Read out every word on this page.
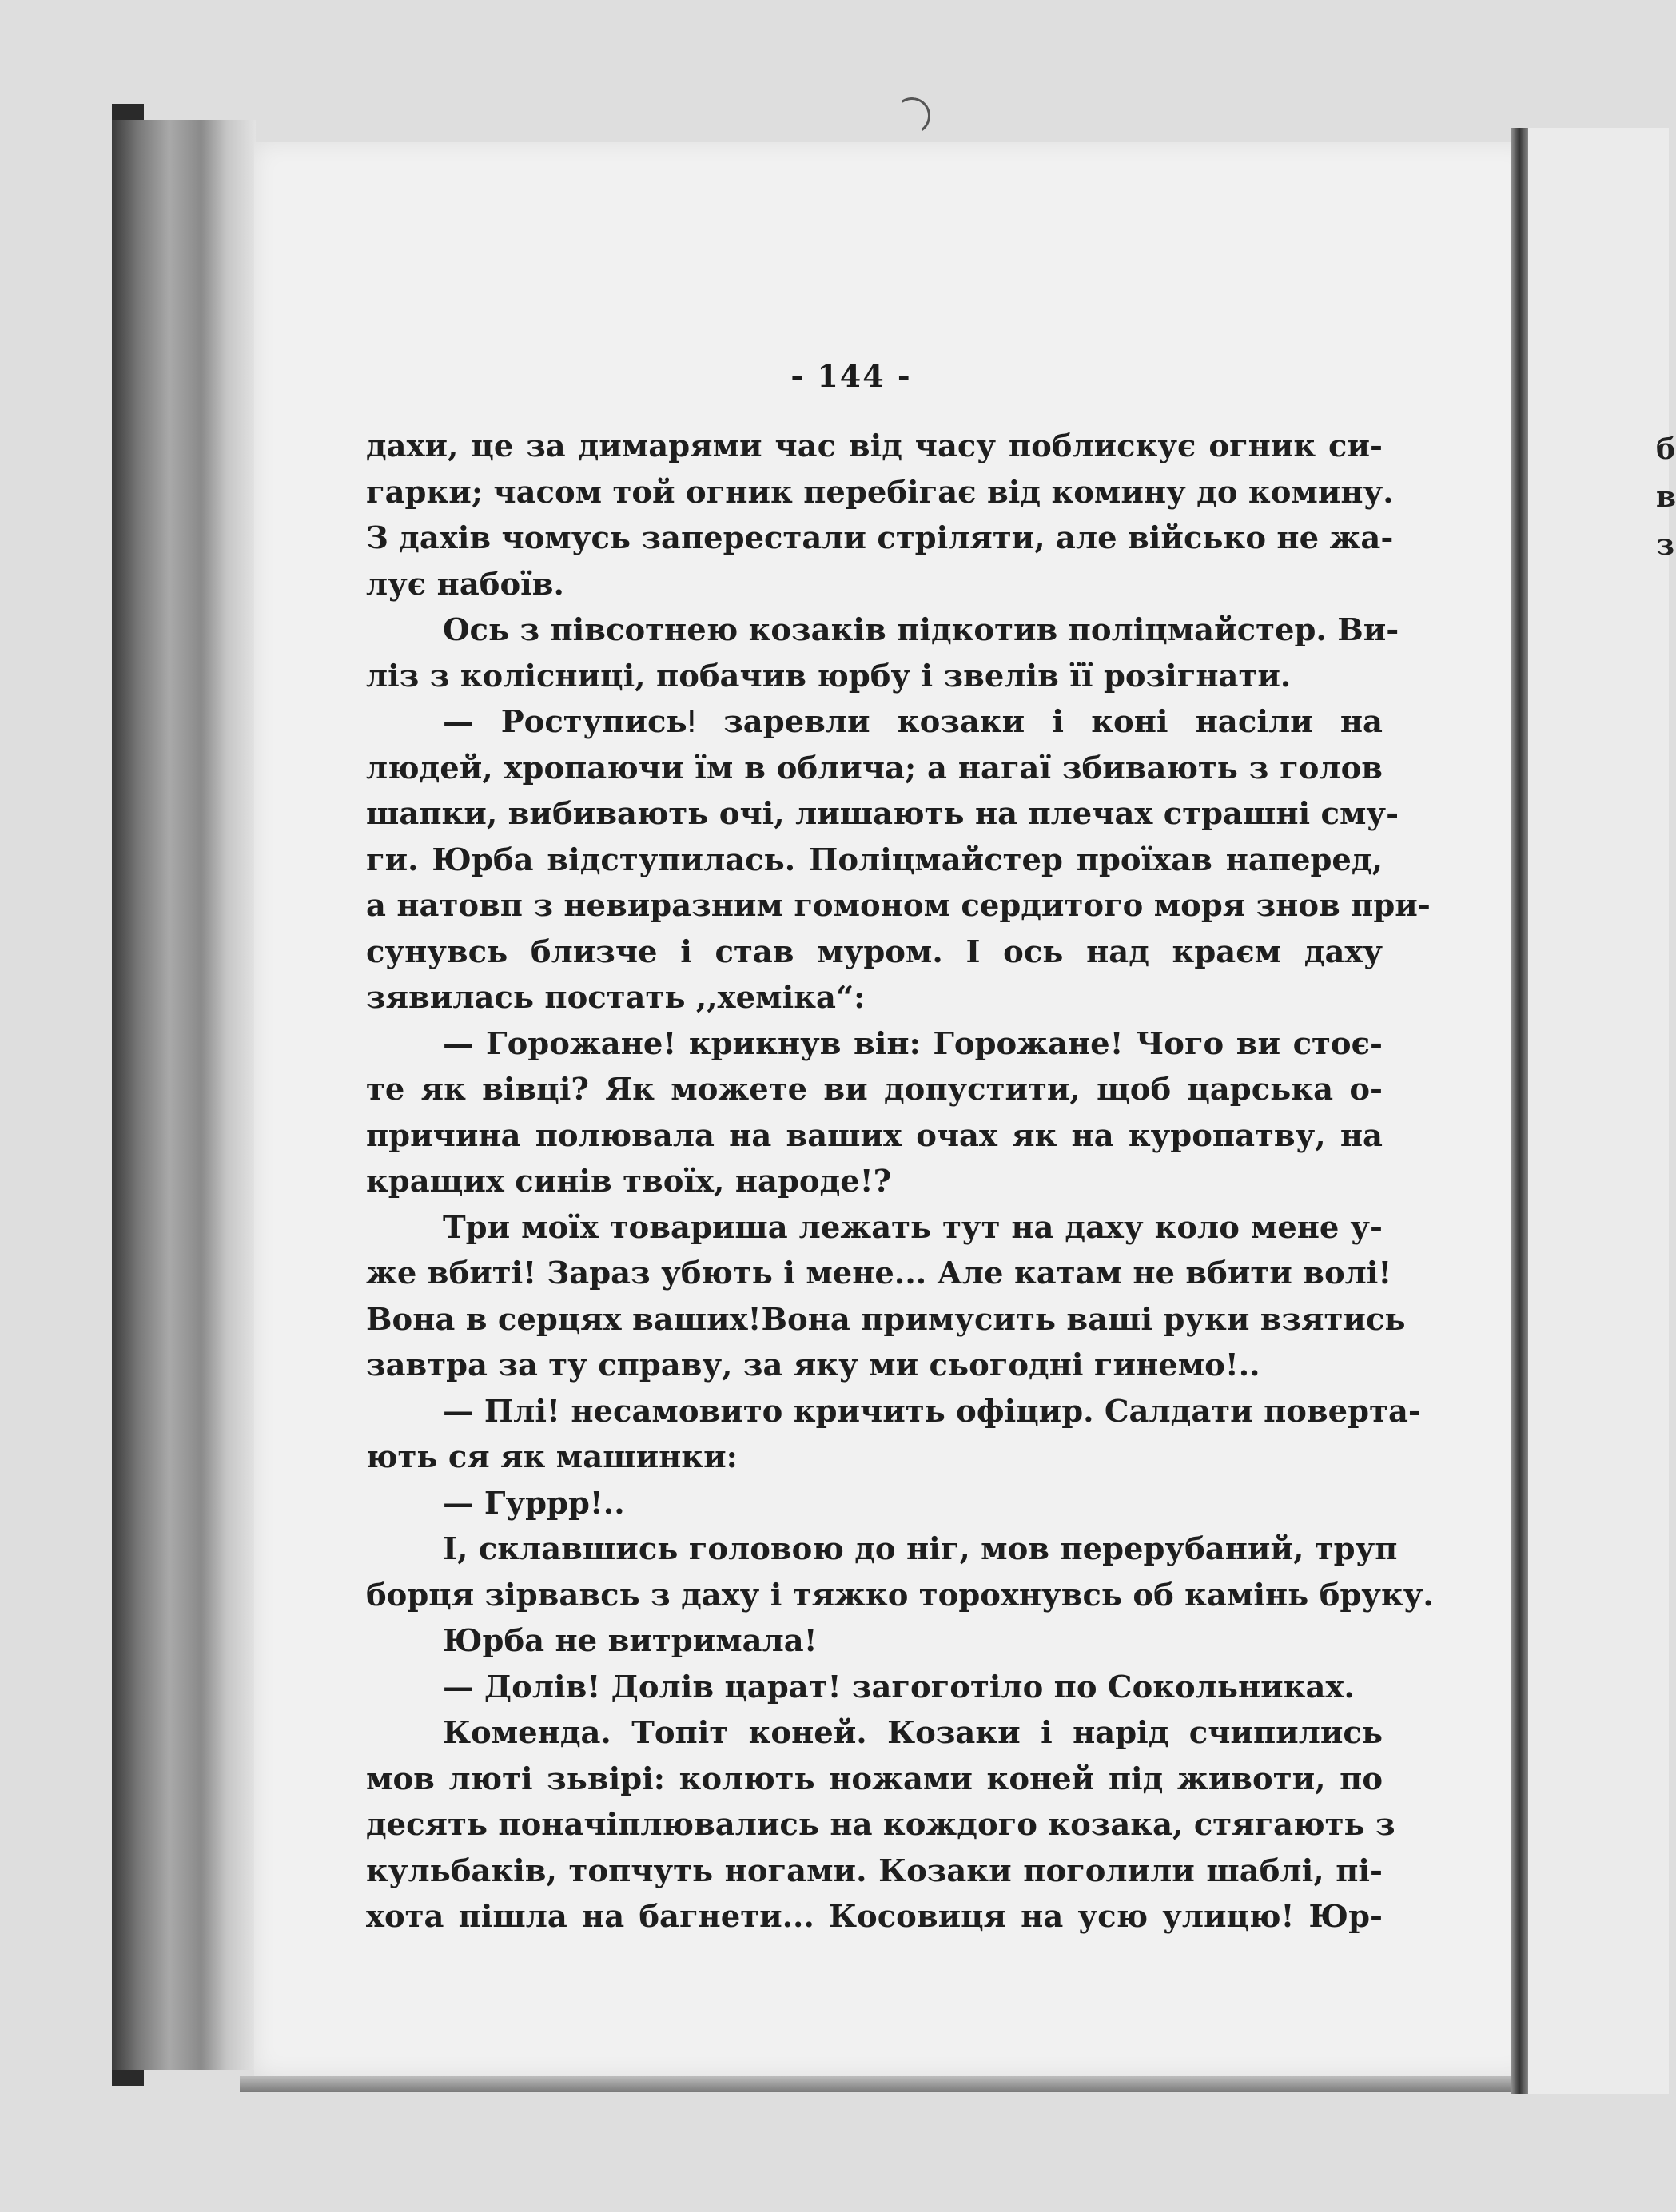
б
в
з
- 144 -
дахи, це за димарями час від часу поблискує огник си-
гарки; часом той огник перебігає від комину до комину.
З дахів чомусь заперестали стріляти, але військо не жа-
лує набоїв.
Ось з півсотнею козаків підкотив поліцмайстер. Ви-
ліз з колісниці, побачив юрбу і звелів її розігнати.
— Роступисьǃ заревли козаки і коні насіли на
людей, хропаючи їм в облича; а нагаї збивають з голов
шапки, вибивають очі, лишають на плечах страшні сму-
ги. Юрба відступилась. Поліцмайстер проїхав наперед,
а натовп з невиразним гомоном сердитого моря знов при-
сунувсь близче і став муром. І ось над краєм даху
зявилась постать ,,хеміка“:
— Горожане! крикнув він: Горожане! Чого ви стоє-
те як вівці? Як можете ви допустити, щоб царська о-
причина полювала на ваших очах як на куропатву, на
кращих синів твоїх, народе!?
Три моїх товариша лежать тут на даху коло мене у-
же вбиті! Зараз убють і мене... Але катам не вбити волі!
Вона в серцях ваших!Вона примусить ваші руки взятись
завтра за ту справу, за яку ми сьогодні гинемо!..
— Плі! несамовито кричить офіцир. Салдати поверта-
ють ся як машинки:
— Гуррр!..
І, склавшись головою до ніг, мов перерубаний, труп
борця зірвавсь з даху і тяжко торохнувсь об камінь бруку.
Юрба не витримала!
— Долів! Долів царат! загоготіло по Сокольниках.
Коменда. Топіт коней. Козаки і нарід счипились
мов люті зьвірі: колють ножами коней під животи, по
десять поначіплювались на кождого козака, стягають з
кульбаків, топчуть ногами. Козаки поголили шаблі, пі-
хота пішла на багнети... Косовиця на усю улицю! Юр-
